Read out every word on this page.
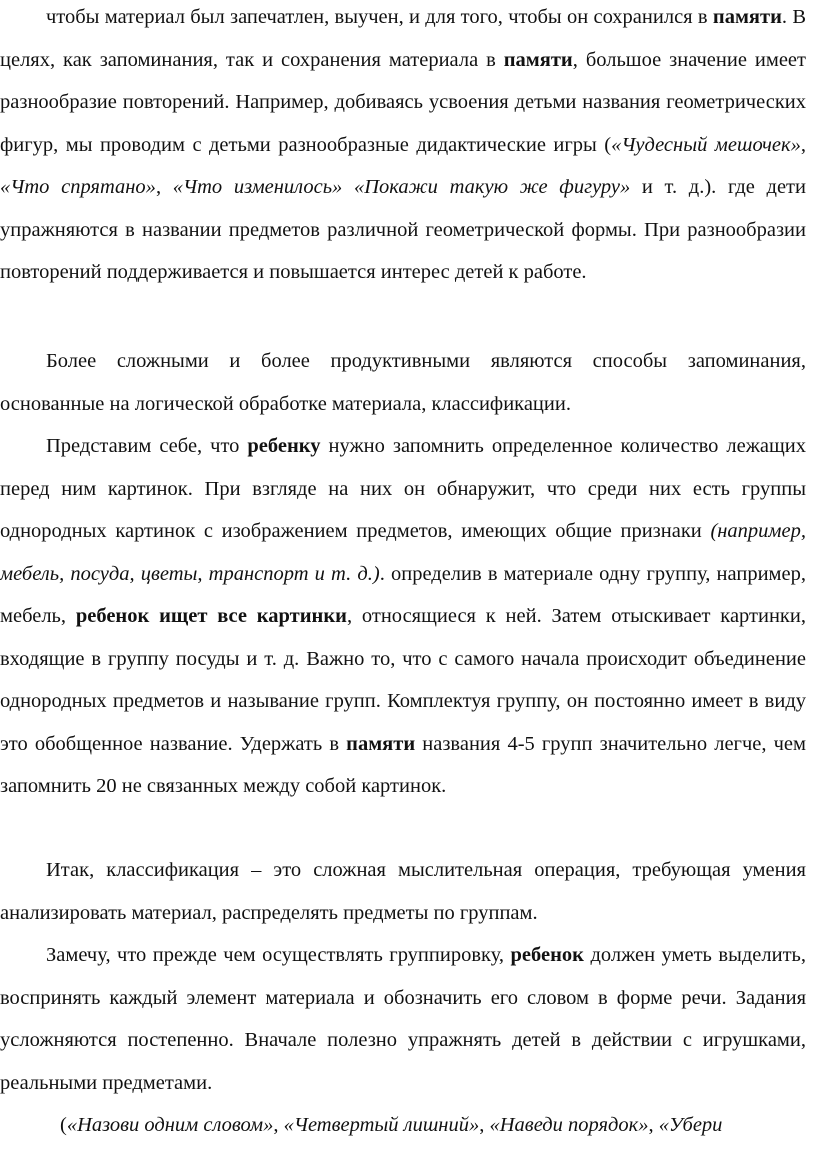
чтобы материал был запечатлен, выучен, и для того, чтобы он сохранился в памяти. В целях, как запоминания, так и сохранения материала в памяти, большое значение имеет разнообразие повторений. Например, добиваясь усвоения детьми названия геометрических фигур, мы проводим с детьми разнообразные дидактические игры («Чудесный мешочек», «Что спрятано», «Что изменилось» «Покажи такую же фигуру» и т. д.). где дети упражняются в названии предметов различной геометрической формы. При разнообразии повторений поддерживается и повышается интерес детей к работе.

Более сложными и более продуктивными являются способы запоминания, основанные на логической обработке материала, классификации.

Представим себе, что ребенку нужно запомнить определенное количество лежащих перед ним картинок. При взгляде на них он обнаружит, что среди них есть группы однородных картинок с изображением предметов, имеющих общие признаки (например, мебель, посуда, цветы, транспорт и т. д.). определив в материале одну группу, например, мебель, ребенок ищет все картинки, относящиеся к ней. Затем отыскивает картинки, входящие в группу посуды и т. д. Важно то, что с самого начала происходит объединение однородных предметов и называние групп. Комплектуя группу, он постоянно имеет в виду это обобщенное название. Удержать в памяти названия 4-5 групп значительно легче, чем запомнить 20 не связанных между собой картинок.

Итак, классификация – это сложная мыслительная операция, требующая умения анализировать материал, распределять предметы по группам.

Замечу, что прежде чем осуществлять группировку, ребенок должен уметь выделить, воспринять каждый элемент материала и обозначить его словом в форме речи. Задания усложняются постепенно. Вначале полезно упражнять детей в действии с игрушками, реальными предметами.

(«Назови одним словом», «Четвертый лишний», «Наведи порядок», «Убери
